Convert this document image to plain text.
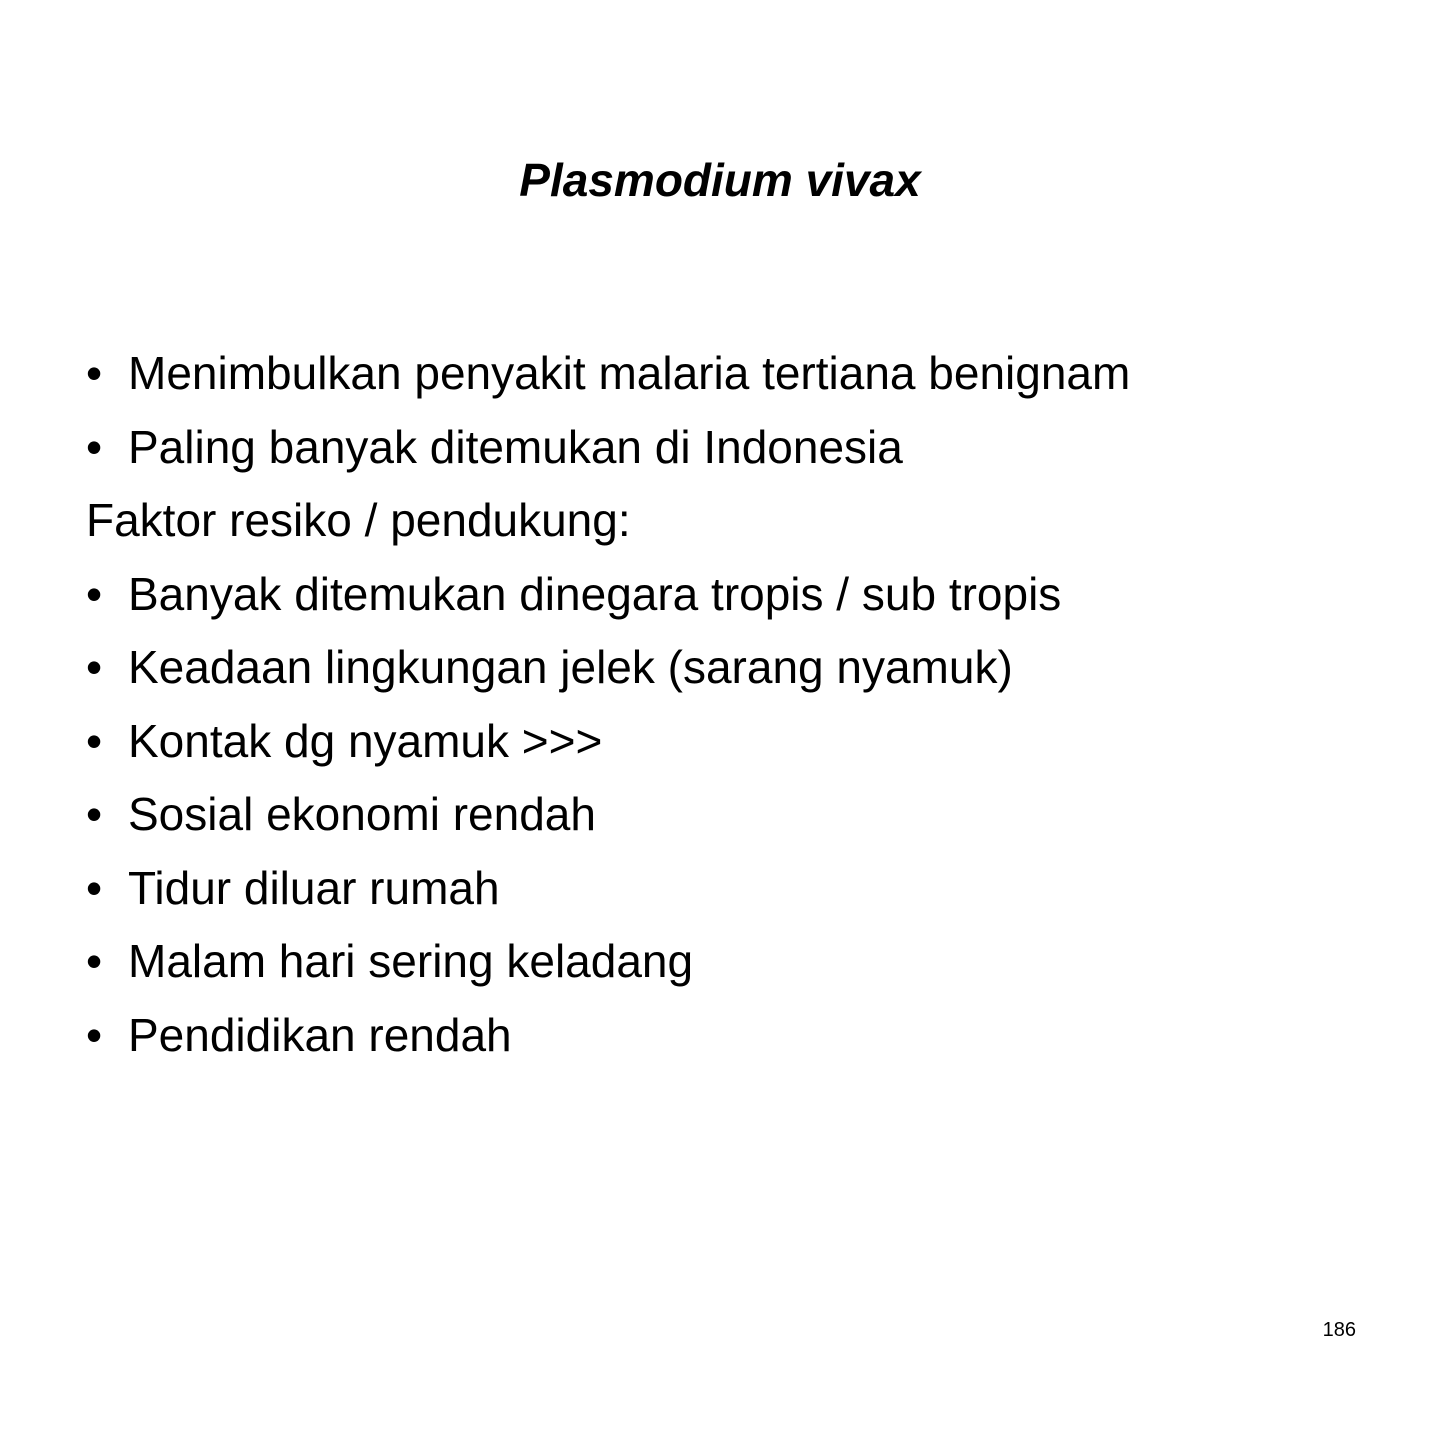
Plasmodium vivax
• Menimbulkan penyakit malaria tertiana benignam
• Paling banyak ditemukan di Indonesia
Faktor resiko / pendukung:
• Banyak ditemukan dinegara tropis / sub tropis
• Keadaan lingkungan jelek (sarang nyamuk)
• Kontak dg nyamuk >>>
• Sosial ekonomi rendah
• Tidur diluar rumah
• Malam hari sering keladang
• Pendidikan rendah
186
